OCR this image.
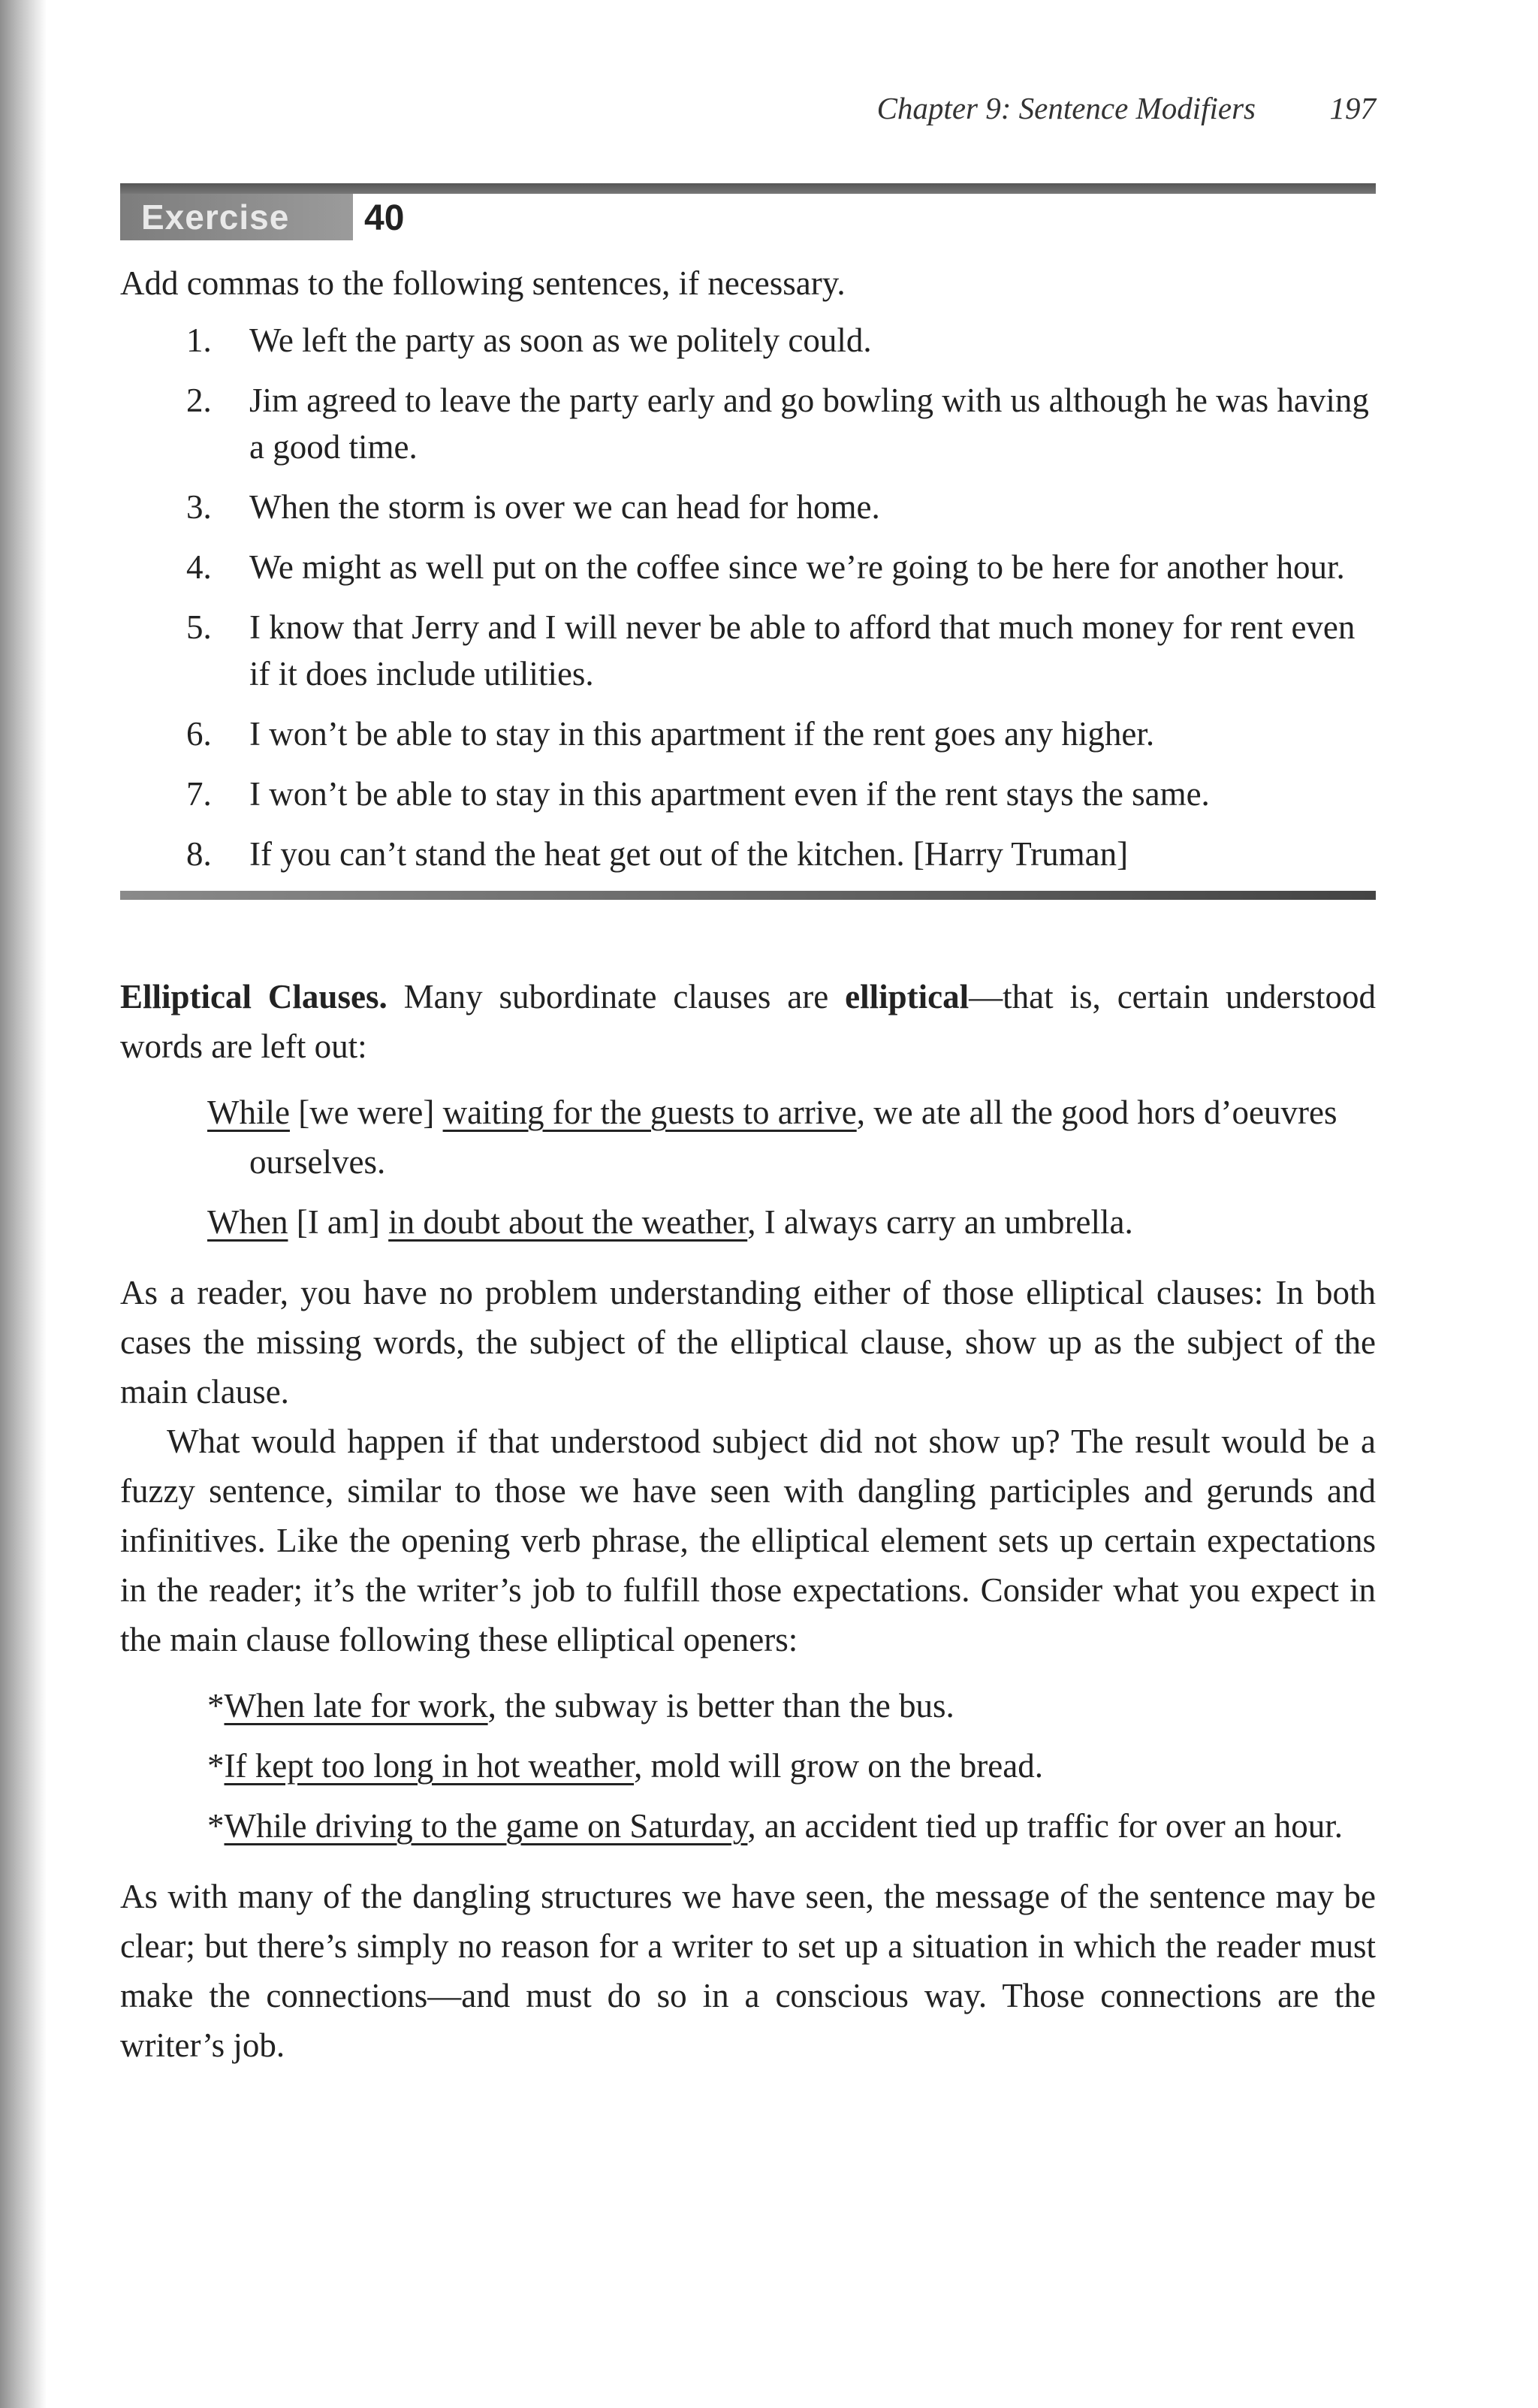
Chapter 9: Sentence Modifiers 197
Exercise	40
Add commas to the following sentences, if necessary.
1. We left the party as soon as we politely could.
2. Jim agreed to leave the party early and go bowling with us although he was having a good time.
3. When the storm is over we can head for home.
4. We might as well put on the coffee since we’re going to be here for another hour.
5. I know that Jerry and I will never be able to afford that much money for rent even if it does include utilities.
6. I won’t be able to stay in this apartment if the rent goes any higher.
7. I won’t be able to stay in this apartment even if the rent stays the same.
8. If you can’t stand the heat get out of the kitchen. [Harry Truman]

Elliptical Clauses. Many subordinate clauses are elliptical—that is, certain understood words are left out:

While [we were] waiting for the guests to arrive, we ate all the good hors d’oeuvres ourselves.
When [I am] in doubt about the weather, I always carry an umbrella.

As a reader, you have no problem understanding either of those elliptical clauses: In both cases the missing words, the subject of the elliptical clause, show up as the subject of the main clause.

What would happen if that understood subject did not show up? The result would be a fuzzy sentence, similar to those we have seen with dangling participles and gerunds and infinitives. Like the opening verb phrase, the elliptical element sets up certain expectations in the reader; it’s the writer’s job to fulfill those expectations. Consider what you expect in the main clause following these elliptical openers:

*When late for work, the subway is better than the bus.
*If kept too long in hot weather, mold will grow on the bread.
*While driving to the game on Saturday, an accident tied up traffic for over an hour.

As with many of the dangling structures we have seen, the message of the sentence may be clear; but there’s simply no reason for a writer to set up a situation in which the reader must make the connections—and must do so in a conscious way. Those connections are the writer’s job.
